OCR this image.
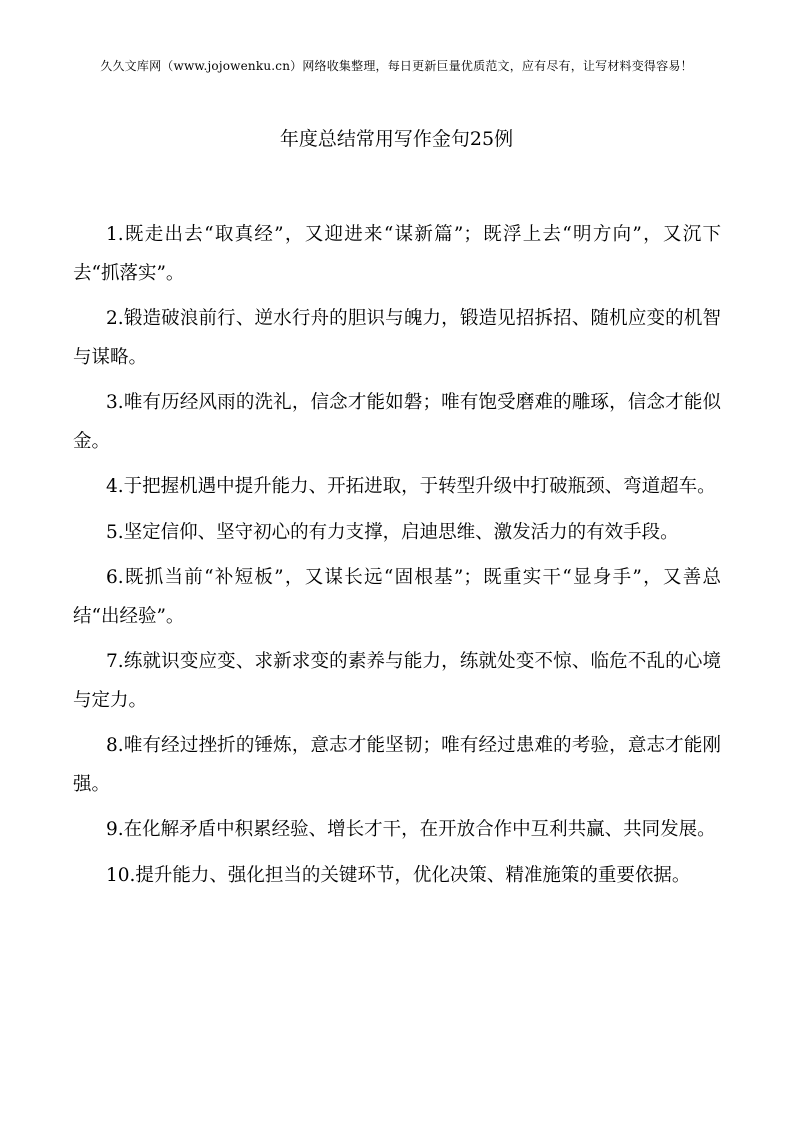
久久文库网（www.jojowenku.cn）网络收集整理，每日更新巨量优质范文，应有尽有，让写材料变得容易！
年度总结常用写作金句25例

1.既走出去“取真经”，又迎进来“谋新篇”；既浮上去“明方向”，又沉下去“抓落实”。

2.锻造破浪前行、逆水行舟的胆识与魄力，锻造见招拆招、随机应变的机智与谋略。

3.唯有历经风雨的洗礼，信念才能如磐；唯有饱受磨难的雕琢，信念才能似金。

4.于把握机遇中提升能力、开拓进取，于转型升级中打破瓶颈、弯道超车。

5.坚定信仰、坚守初心的有力支撑，启迪思维、激发活力的有效手段。

6.既抓当前“补短板”，又谋长远“固根基”；既重实干“显身手”，又善总结“出经验”。

7.练就识变应变、求新求变的素养与能力，练就处变不惊、临危不乱的心境与定力。

8.唯有经过挫折的锤炼，意志才能坚韧；唯有经过患难的考验，意志才能刚强。

9.在化解矛盾中积累经验、增长才干，在开放合作中互利共赢、共同发展。

10.提升能力、强化担当的关键环节，优化决策、精准施策的重要依据。
